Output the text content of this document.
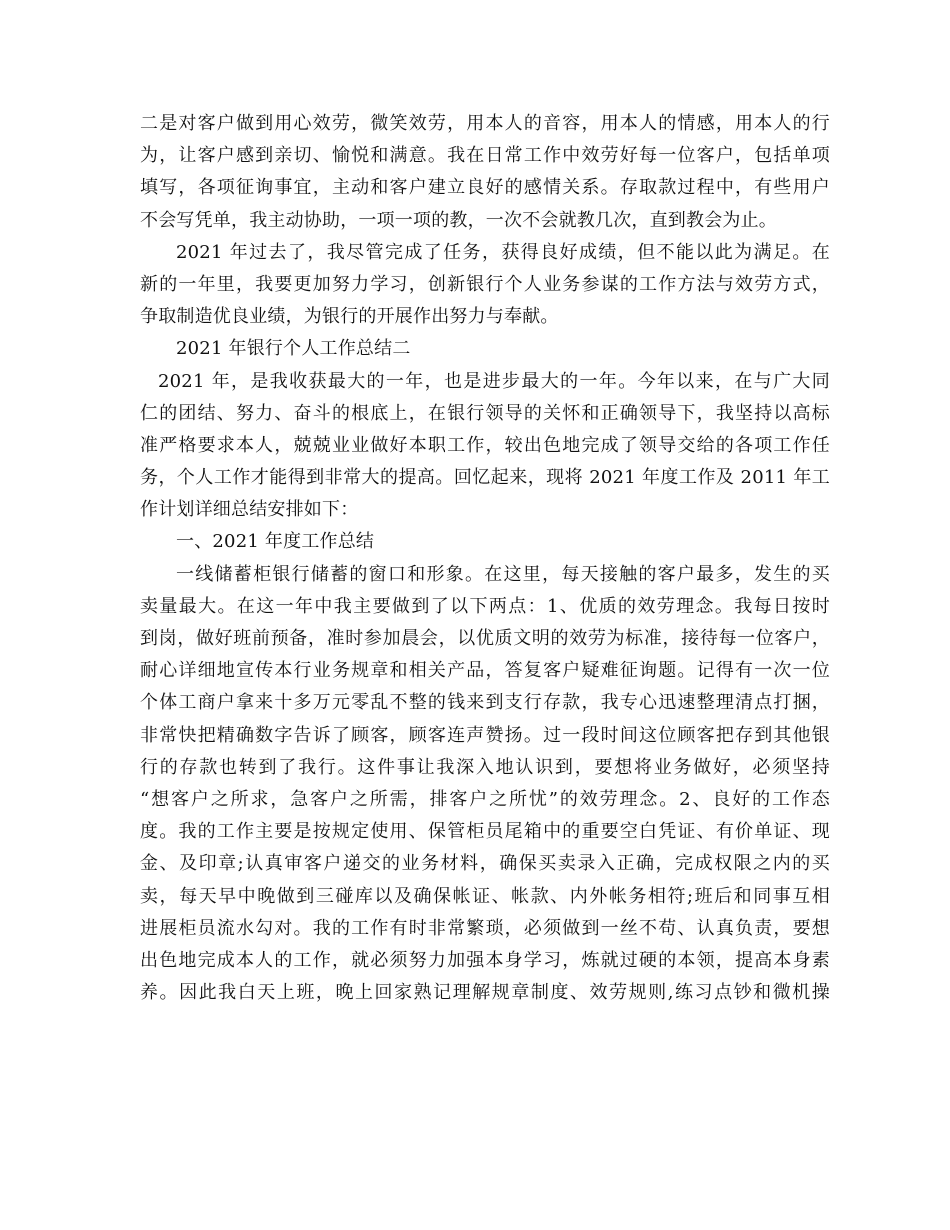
二是对客户做到用心效劳，微笑效劳，用本人的音容，用本人的情感，用本人的行
为，让客户感到亲切、愉悦和满意。我在日常工作中效劳好每一位客户，包括单项
填写，各项征询事宜，主动和客户建立良好的感情关系。存取款过程中，有些用户
不会写凭单，我主动协助，一项一项的教，一次不会就教几次，直到教会为止。
2021 年过去了，我尽管完成了任务，获得良好成绩，但不能以此为满足。在
新的一年里，我要更加努力学习，创新银行个人业务参谋的工作方法与效劳方式，
争取制造优良业绩，为银行的开展作出努力与奉献。
2021 年银行个人工作总结二
2021 年，是我收获最大的一年，也是进步最大的一年。今年以来，在与广大同
仁的团结、努力、奋斗的根底上，在银行领导的关怀和正确领导下，我坚持以高标
准严格要求本人，兢兢业业做好本职工作，较出色地完成了领导交给的各项工作任
务，个人工作才能得到非常大的提高。回忆起来，现将 2021 年度工作及 2011 年工
作计划详细总结安排如下：
一、2021 年度工作总结
一线储蓄柜银行储蓄的窗口和形象。在这里，每天接触的客户最多，发生的买
卖量最大。在这一年中我主要做到了以下两点：1、优质的效劳理念。我每日按时
到岗，做好班前预备，准时参加晨会，以优质文明的效劳为标准，接待每一位客户，
耐心详细地宣传本行业务规章和相关产品，答复客户疑难征询题。记得有一次一位
个体工商户拿来十多万元零乱不整的钱来到支行存款，我专心迅速整理清点打捆，
非常快把精确数字告诉了顾客，顾客连声赞扬。过一段时间这位顾客把存到其他银
行的存款也转到了我行。这件事让我深入地认识到，要想将业务做好，必须坚持
“想客户之所求，急客户之所需，排客户之所忧”的效劳理念。2、良好的工作态
度。我的工作主要是按规定使用、保管柜员尾箱中的重要空白凭证、有价单证、现
金、及印章;认真审客户递交的业务材料，确保买卖录入正确，完成权限之内的买
卖，每天早中晚做到三碰库以及确保帐证、帐款、内外帐务相符;班后和同事互相
进展柜员流水勾对。我的工作有时非常繁琐，必须做到一丝不苟、认真负责，要想
出色地完成本人的工作，就必须努力加强本身学习，炼就过硬的本领，提高本身素
养。因此我白天上班，晚上回家熟记理解规章制度、效劳规则,练习点钞和微机操
